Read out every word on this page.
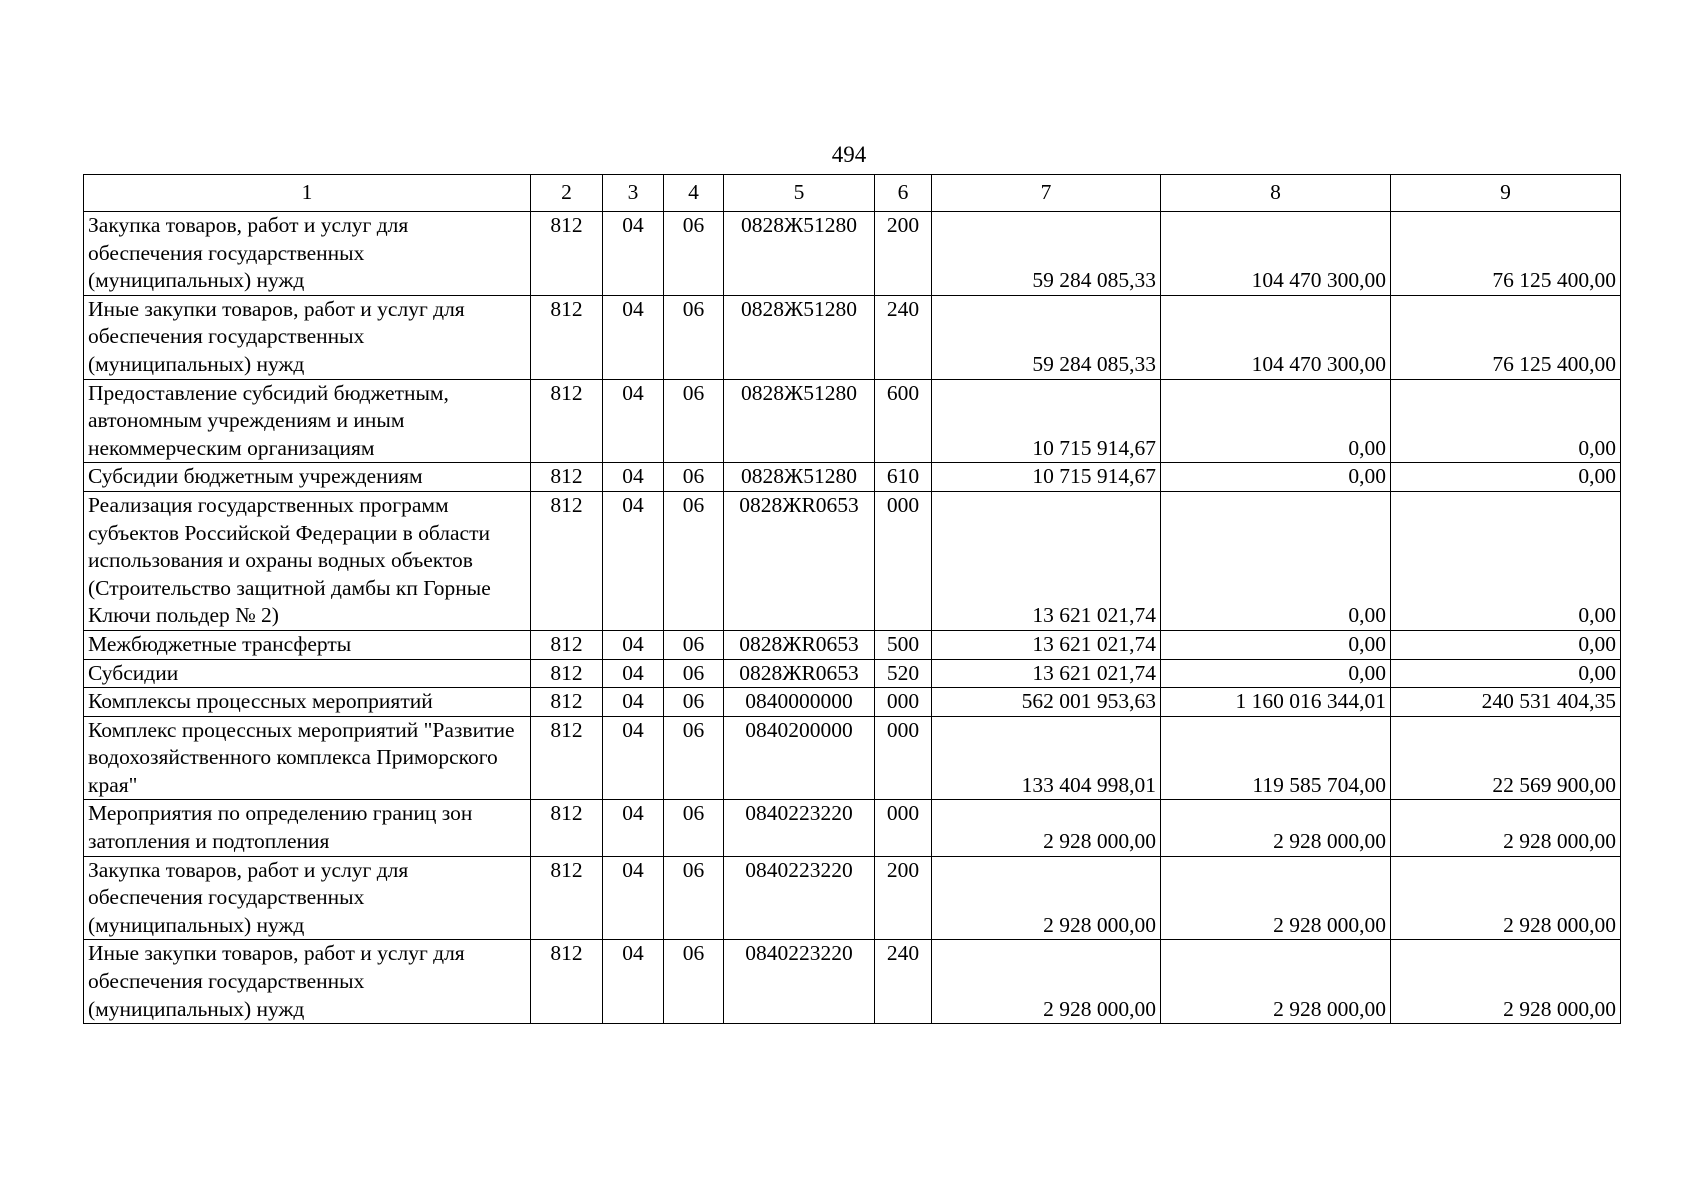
494
1	2	3	4	5	6	7	8	9
Закупка товаров, работ и услуг для обеспечения государственных (муниципальных) нужд	812	04	06	0828Ж51280	200	59 284 085,33	104 470 300,00	76 125 400,00
Иные закупки товаров, работ и услуг для обеспечения государственных (муниципальных) нужд	812	04	06	0828Ж51280	240	59 284 085,33	104 470 300,00	76 125 400,00
Предоставление субсидий бюджетным, автономным учреждениям и иным некоммерческим организациям	812	04	06	0828Ж51280	600	10 715 914,67	0,00	0,00
Субсидии бюджетным учреждениям	812	04	06	0828Ж51280	610	10 715 914,67	0,00	0,00
Реализация государственных программ субъектов Российской Федерации в области использования и охраны водных объектов (Строительство защитной дамбы кп Горные Ключи польдер № 2)	812	04	06	0828ЖR0653	000	13 621 021,74	0,00	0,00
Межбюджетные трансферты	812	04	06	0828ЖR0653	500	13 621 021,74	0,00	0,00
Субсидии	812	04	06	0828ЖR0653	520	13 621 021,74	0,00	0,00
Комплексы процессных мероприятий	812	04	06	0840000000	000	562 001 953,63	1 160 016 344,01	240 531 404,35
Комплекс процессных мероприятий "Развитие водохозяйственного комплекса Приморского края"	812	04	06	0840200000	000	133 404 998,01	119 585 704,00	22 569 900,00
Мероприятия по определению границ зон затопления и подтопления	812	04	06	0840223220	000	2 928 000,00	2 928 000,00	2 928 000,00
Закупка товаров, работ и услуг для обеспечения государственных (муниципальных) нужд	812	04	06	0840223220	200	2 928 000,00	2 928 000,00	2 928 000,00
Иные закупки товаров, работ и услуг для обеспечения государственных (муниципальных) нужд	812	04	06	0840223220	240	2 928 000,00	2 928 000,00	2 928 000,00
